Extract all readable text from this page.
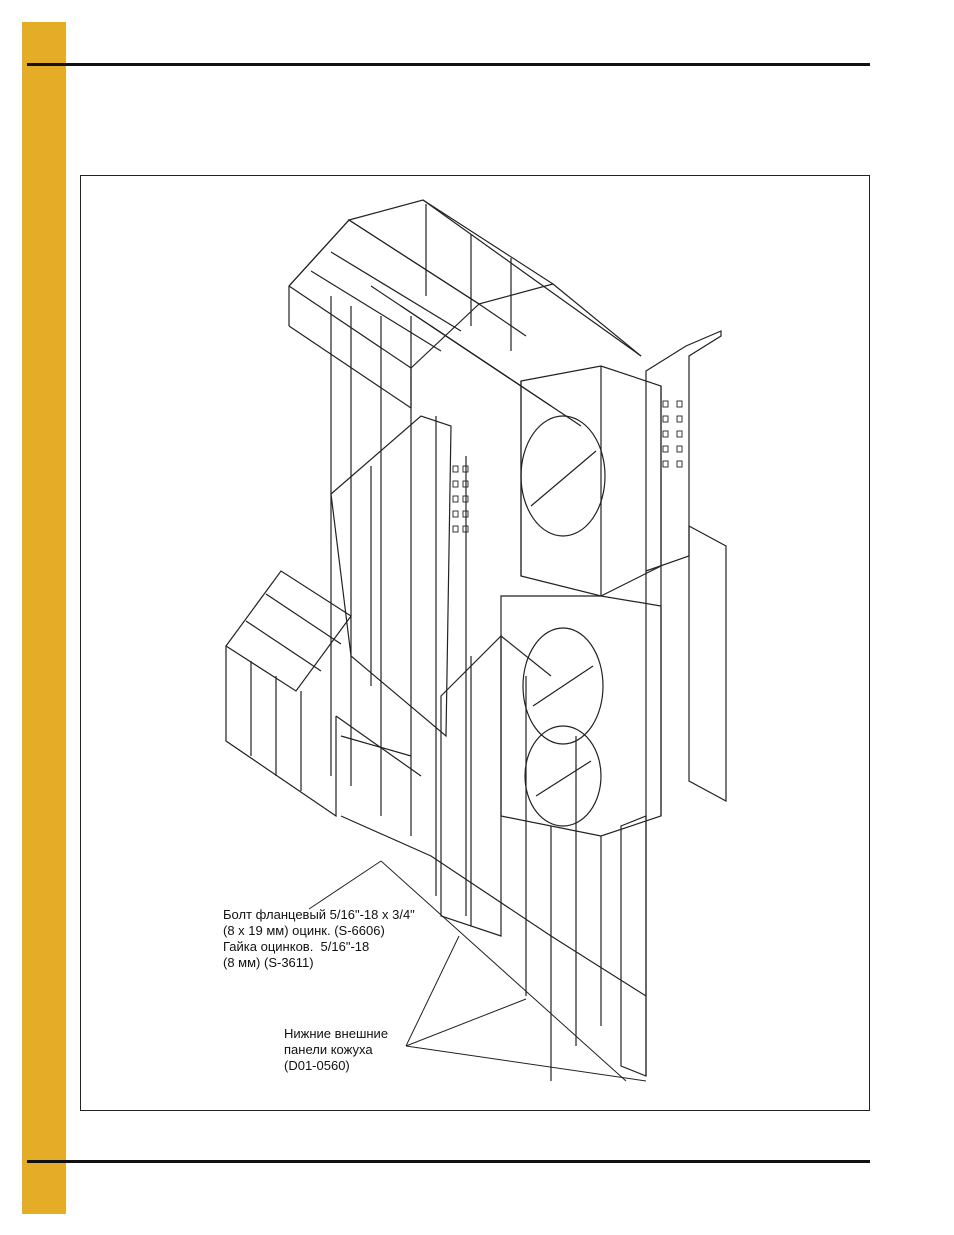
Болт фланцевый 5/16"-18 x 3/4"
(8 x 19 мм) оцинк. (S-6606)
Гайка оцинков.  5/16"-18
(8 мм) (S-3611)
Нижние внешние
панели кожуха
(D01-0560)
